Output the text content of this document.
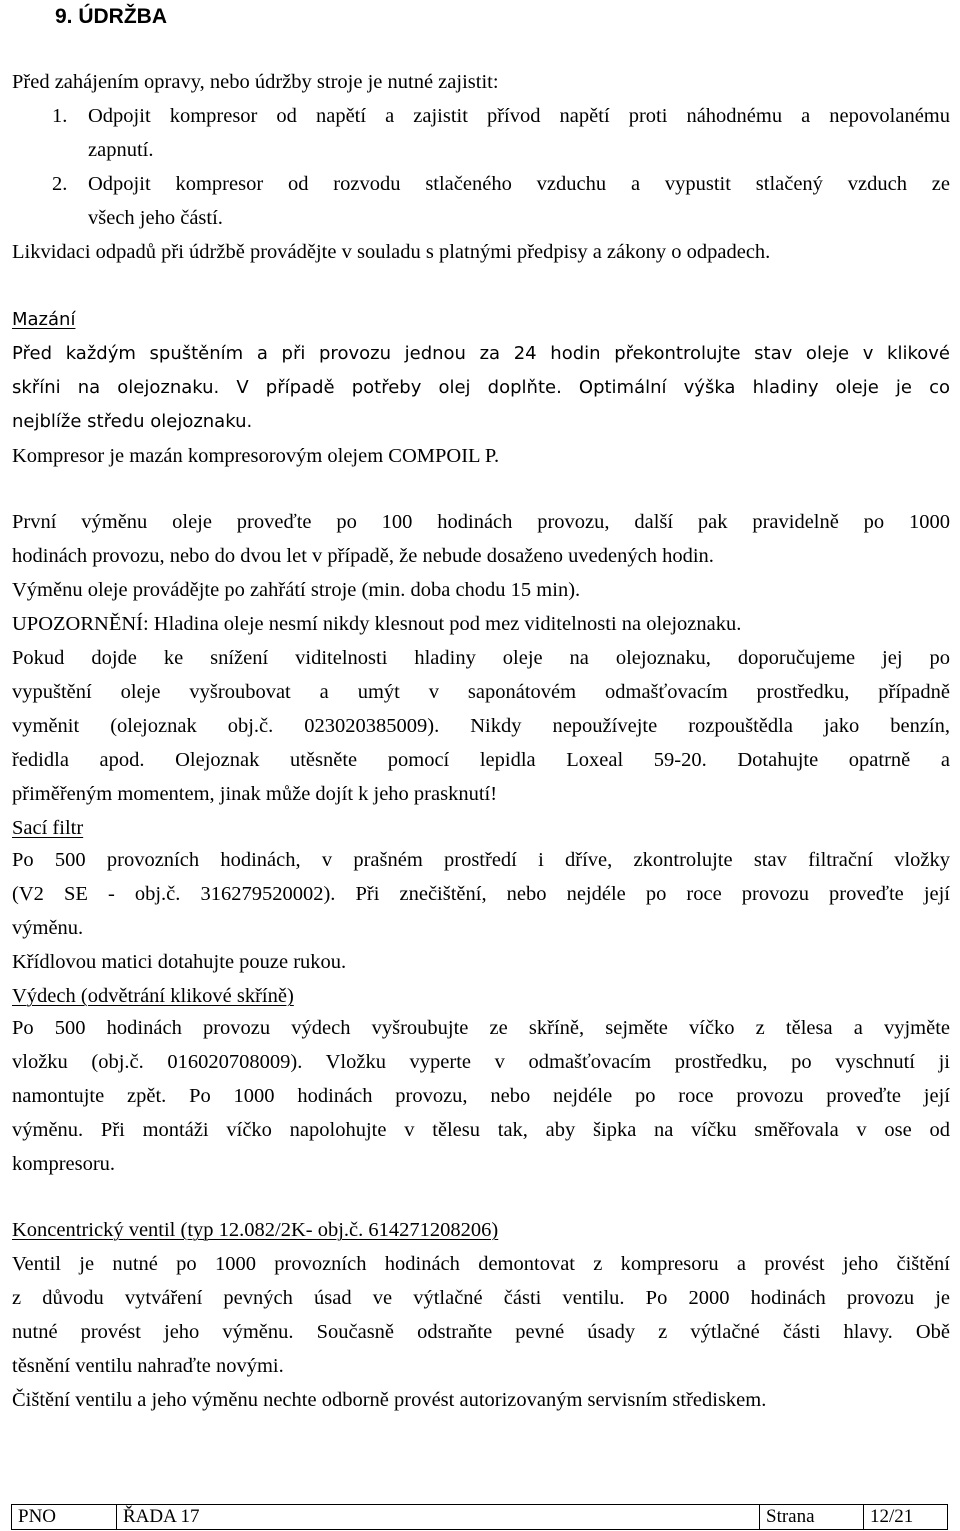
9. ÚDRŽBA
Před zahájením opravy, nebo údržby stroje je nutné zajistit:
1. Odpojit kompresor od napětí a zajistit přívod napětí proti náhodnému a nepovolanému
zapnutí.
2. Odpojit kompresor od rozvodu stlačeného vzduchu a vypustit stlačený vzduch ze
všech jeho částí.
Likvidaci odpadů při údržbě provádějte v souladu s platnými předpisy a zákony o odpadech.
Mazání
Před každým spuštěním a při provozu jednou za 24 hodin překontrolujte stav oleje v klikové
skříni na olejoznaku. V případě potřeby olej doplňte. Optimální výška hladiny oleje je co
nejblíže středu olejoznaku.
Kompresor je mazán kompresorovým olejem COMPOIL P.
První výměnu oleje proveďte po 100 hodinách provozu, další pak pravidelně po 1000
hodinách provozu, nebo do dvou let v případě, že nebude dosaženo uvedených hodin.
Výměnu oleje provádějte po zahřátí stroje (min. doba chodu 15 min).
UPOZORNĚNÍ: Hladina oleje nesmí nikdy klesnout pod mez viditelnosti na olejoznaku.
Pokud dojde ke snížení viditelnosti hladiny oleje na olejoznaku, doporučujeme jej po
vypuštění oleje vyšroubovat a umýt v saponátovém odmašťovacím prostředku, případně
vyměnit (olejoznak obj.č. 023020385009). Nikdy nepoužívejte rozpouštědla jako benzín,
ředidla apod. Olejoznak utěsněte pomocí lepidla Loxeal 59-20. Dotahujte opatrně a
přiměřeným momentem, jinak může dojít k jeho prasknutí!
Sací filtr
Po 500 provozních hodinách, v prašném prostředí i dříve, zkontrolujte stav filtrační vložky
(V2 SE - obj.č. 316279520002). Při znečištění, nebo nejdéle po roce provozu proveďte její
výměnu.
Křídlovou matici dotahujte pouze rukou.
Výdech (odvětrání klikové skříně)
Po 500 hodinách provozu výdech vyšroubujte ze skříně, sejměte víčko z tělesa a vyjměte
vložku (obj.č. 016020708009). Vložku vyperte v odmašťovacím prostředku, po vyschnutí ji
namontujte zpět. Po 1000 hodinách provozu, nebo nejdéle po roce provozu proveďte její
výměnu. Při montáži víčko napolohujte v tělesu tak, aby šipka na víčku směřovala v ose od
kompresoru.
Koncentrický ventil (typ 12.082/2K- obj.č. 614271208206)
Ventil je nutné po 1000 provozních hodinách demontovat z kompresoru a provést jeho čištění
z důvodu vytváření pevných úsad ve výtlačné části ventilu. Po 2000 hodinách provozu je
nutné provést jeho výměnu. Současně odstraňte pevné úsady z výtlačné části hlavy. Obě
těsnění ventilu nahraďte novými.
Čištění ventilu a jeho výměnu nechte odborně provést autorizovaným servisním střediskem.
PNO	ŘADA 17	Strana	12/21
